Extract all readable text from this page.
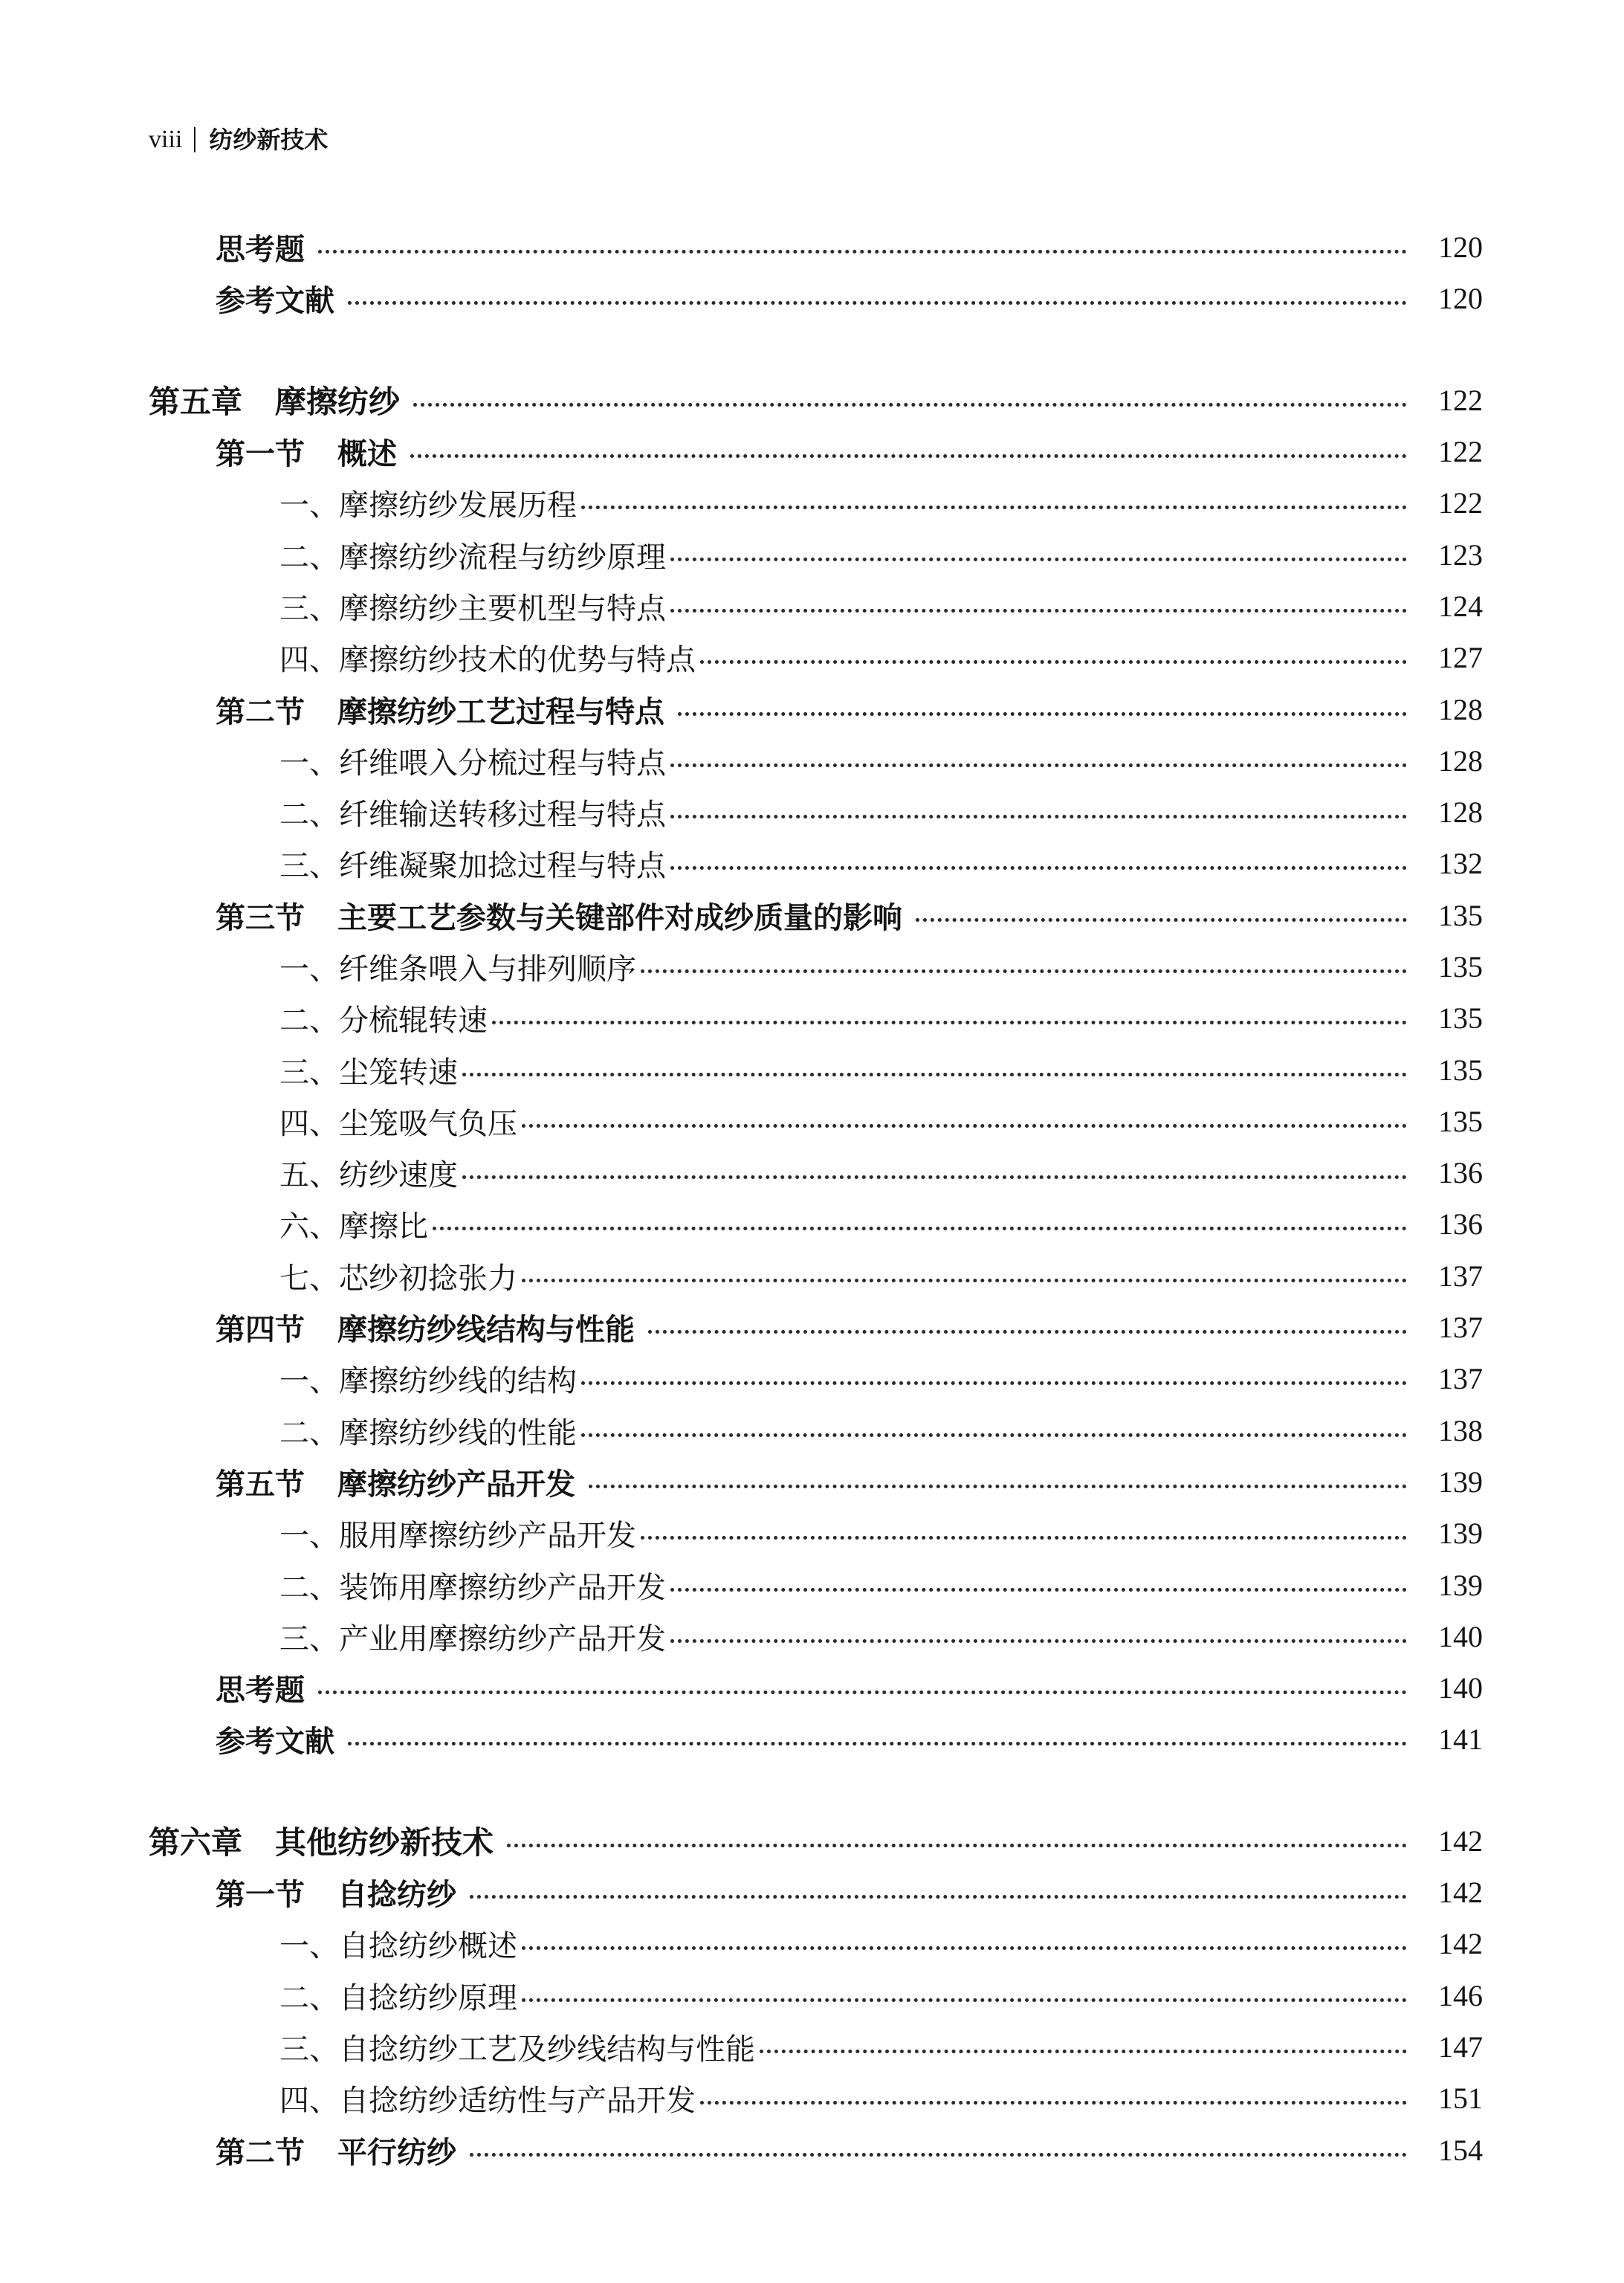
viii 纺纱新技术
思考题	120
参考文献	120
第五章 摩擦纺纱	122
第一节 概述	122
一、摩擦纺纱发展历程	122
二、摩擦纺纱流程与纺纱原理	123
三、摩擦纺纱主要机型与特点	124
四、摩擦纺纱技术的优势与特点	127
第二节 摩擦纺纱工艺过程与特点	128
一、纤维喂入分梳过程与特点	128
二、纤维输送转移过程与特点	128
三、纤维凝聚加捻过程与特点	132
第三节 主要工艺参数与关键部件对成纱质量的影响	135
一、纤维条喂入与排列顺序	135
二、分梳辊转速	135
三、尘笼转速	135
四、尘笼吸气负压	135
五、纺纱速度	136
六、摩擦比	136
七、芯纱初捻张力	137
第四节 摩擦纺纱线结构与性能	137
一、摩擦纺纱线的结构	137
二、摩擦纺纱线的性能	138
第五节 摩擦纺纱产品开发	139
一、服用摩擦纺纱产品开发	139
二、装饰用摩擦纺纱产品开发	139
三、产业用摩擦纺纱产品开发	140
思考题	140
参考文献	141
第六章 其他纺纱新技术	142
第一节 自捻纺纱	142
一、自捻纺纱概述	142
二、自捻纺纱原理	146
三、自捻纺纱工艺及纱线结构与性能	147
四、自捻纺纱适纺性与产品开发	151
第二节 平行纺纱	154
